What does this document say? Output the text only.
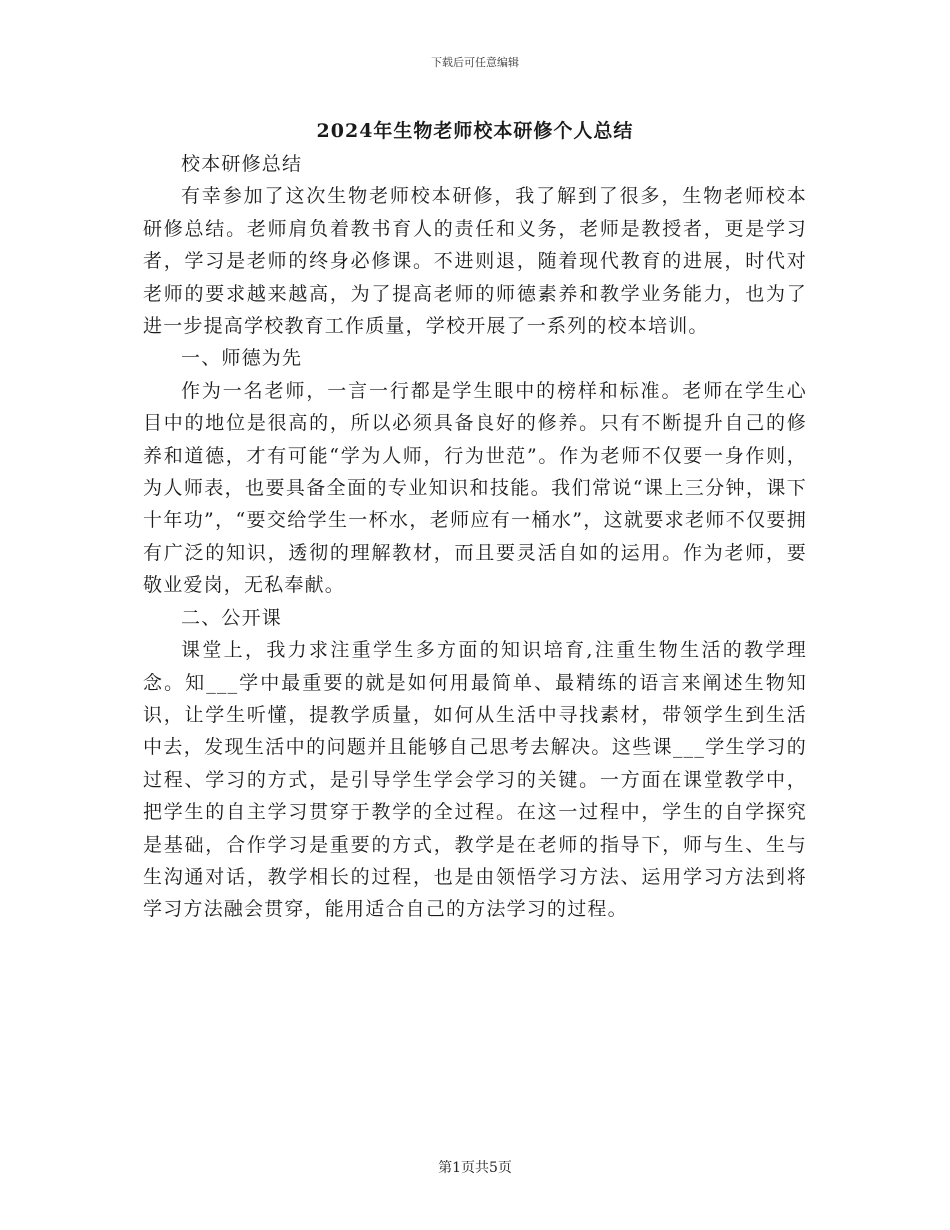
下载后可任意编辑
2024年生物老师校本研修个人总结

校本研修总结

有幸参加了这次生物老师校本研修，我了解到了很多，生物老师校本研修总结。老师肩负着教书育人的责任和义务，老师是教授者，更是学习者，学习是老师的终身必修课。不进则退，随着现代教育的进展，时代对老师的要求越来越高，为了提高老师的师德素养和教学业务能力，也为了进一步提高学校教育工作质量，学校开展了一系列的校本培训。

一、师德为先

作为一名老师，一言一行都是学生眼中的榜样和标准。老师在学生心目中的地位是很高的，所以必须具备良好的修养。只有不断提升自己的修养和道德，才有可能“学为人师，行为世范”。作为老师不仅要一身作则，为人师表，也要具备全面的专业知识和技能。我们常说“课上三分钟，课下十年功”，“要交给学生一杯水，老师应有一桶水”，这就要求老师不仅要拥有广泛的知识，透彻的理解教材，而且要灵活自如的运用。作为老师，要敬业爱岗，无私奉献。

二、公开课

课堂上，我力求注重学生多方面的知识培育,注重生物生活的教学理念。知___学中最重要的就是如何用最简单、最精练的语言来阐述生物知识，让学生听懂，提教学质量，如何从生活中寻找素材，带领学生到生活中去，发现生活中的问题并且能够自己思考去解决。这些课___学生学习的过程、学习的方式，是引导学生学会学习的关键。一方面在课堂教学中，把学生的自主学习贯穿于教学的全过程。在这一过程中，学生的自学探究是基础，合作学习是重要的方式，教学是在老师的指导下，师与生、生与生沟通对话，教学相长的过程，也是由领悟学习方法、运用学习方法到将学习方法融会贯穿，能用适合自己的方法学习的过程。

第1页共5页
